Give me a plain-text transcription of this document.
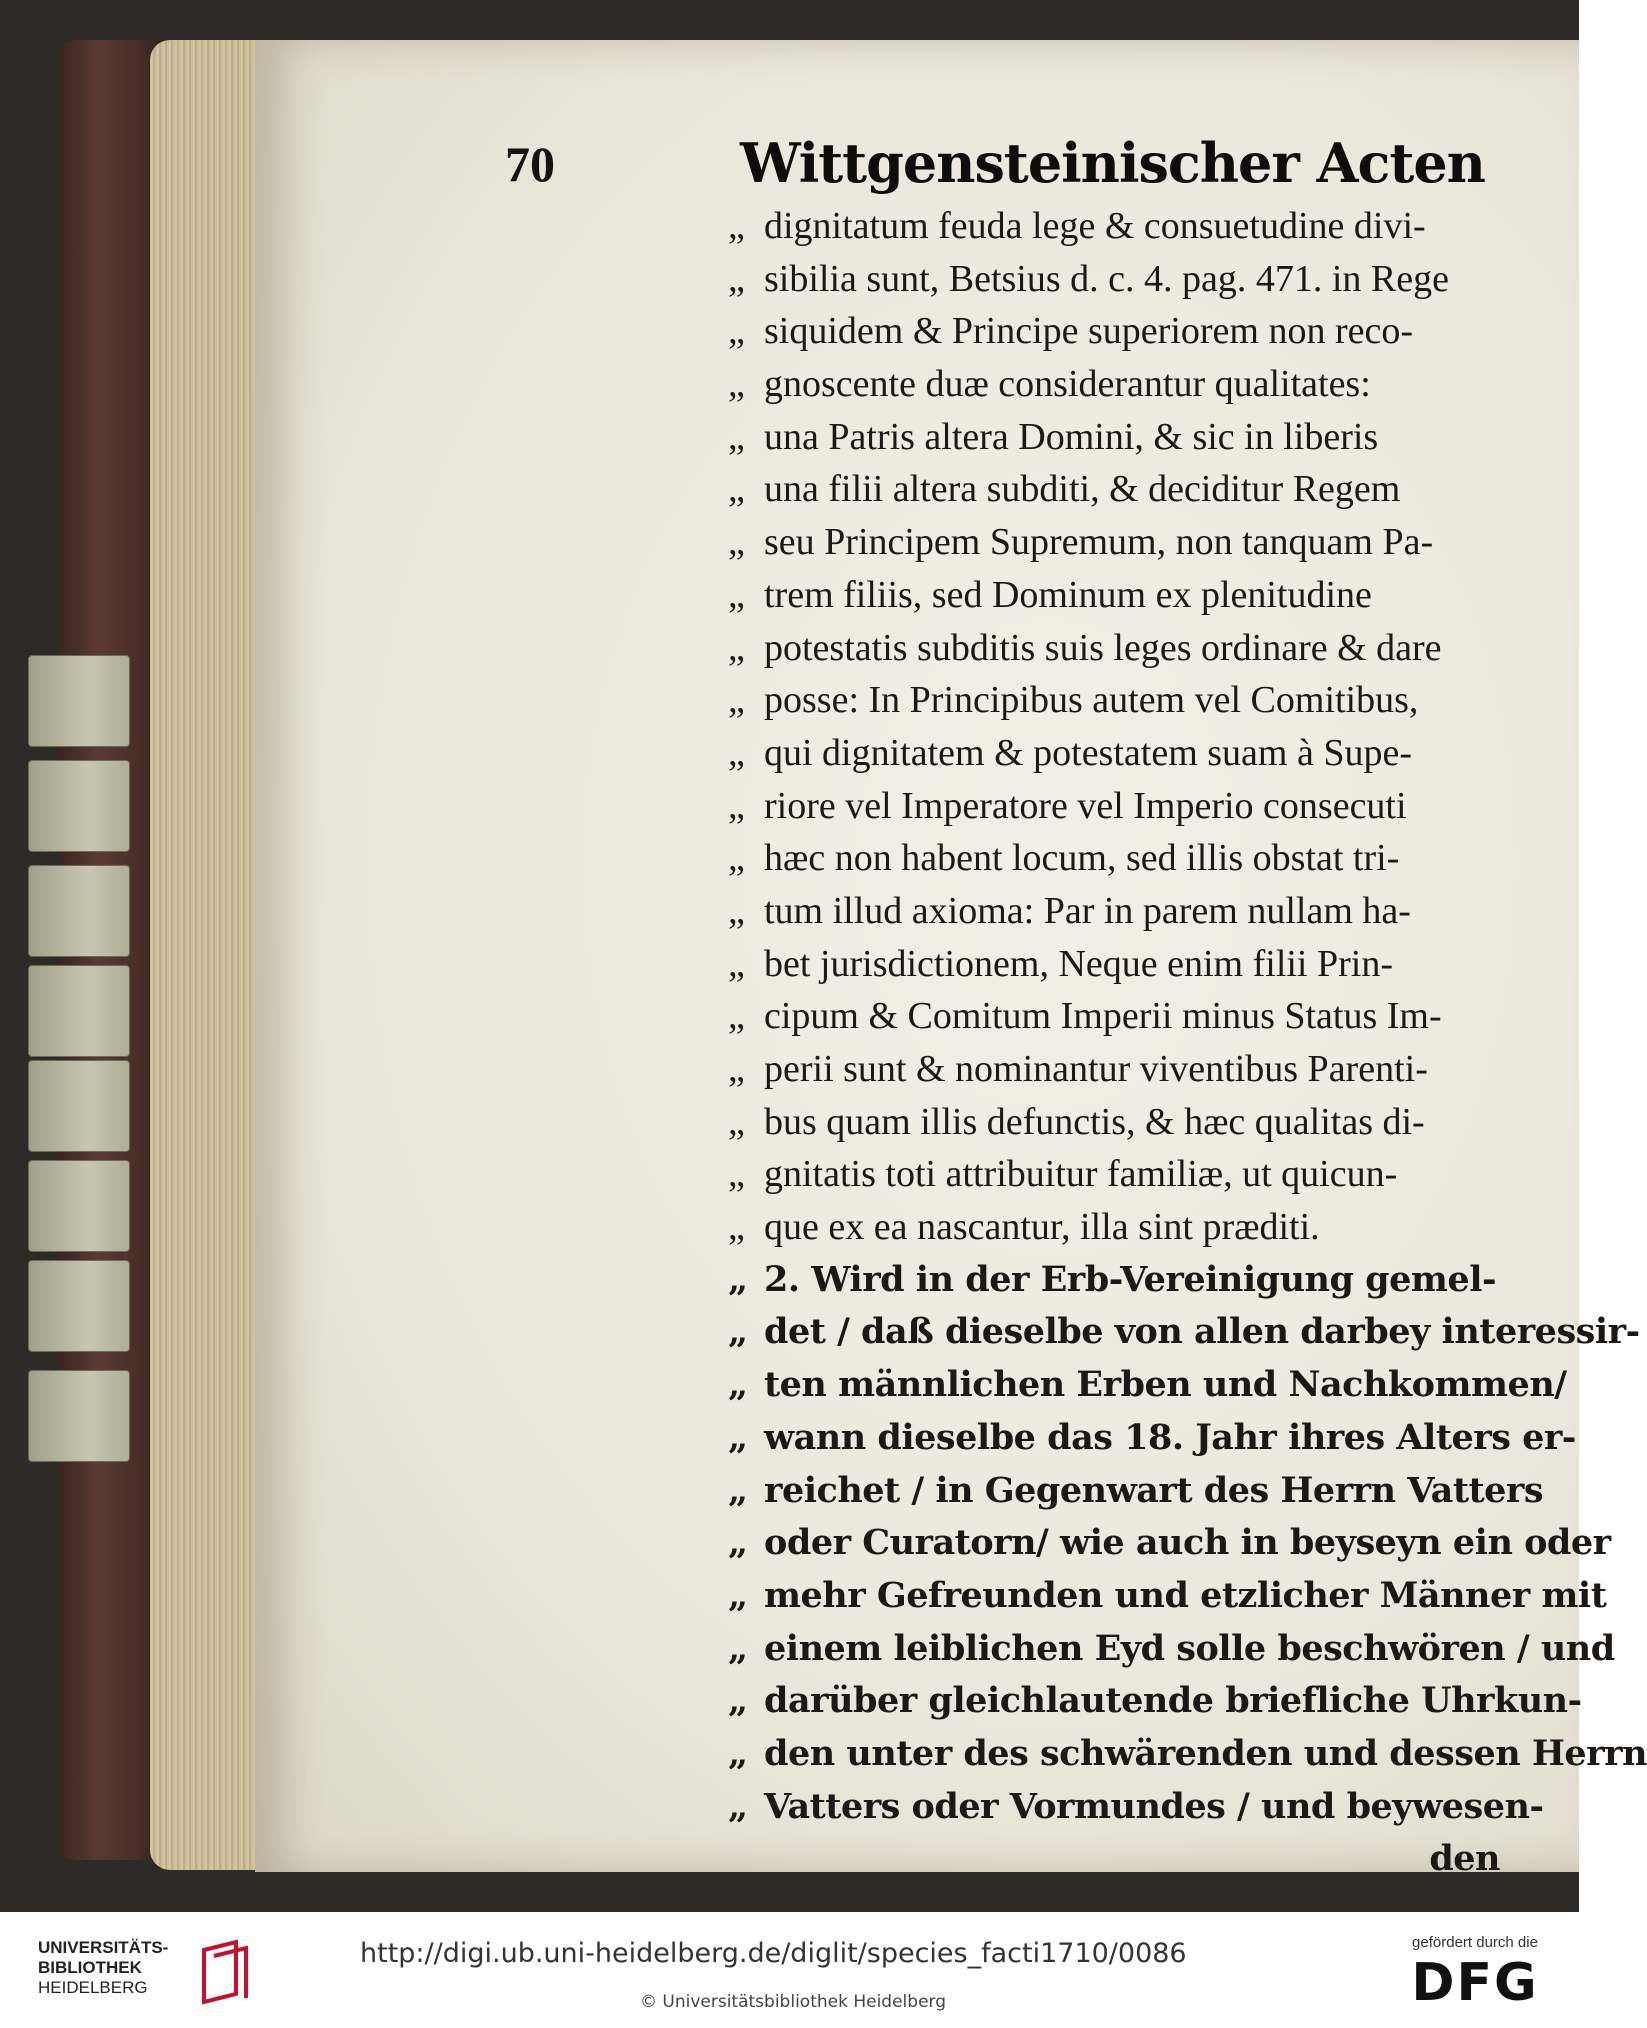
70	Wittgensteinischer Acten
„ dignitatum feuda lege & consuetudine divi-
„ sibilia sunt, Betsius d. c. 4. pag. 471. in Rege
„ siquidem & Principe superiorem non reco-
„ gnoscente duæ considerantur qualitates:
„ una Patris altera Domini, & sic in liberis
„ una filii altera subditi, & deciditur Regem
„ seu Principem Supremum, non tanquam Pa-
„ trem filiis, sed Dominum ex plenitudine
„ potestatis subditis suis leges ordinare & dare
„ posse: In Principibus autem vel Comitibus,
„ qui dignitatem & potestatem suam à Supe-
„ riore vel Imperatore vel Imperio consecuti
„ hæc non habent locum, sed illis obstat tri-
„ tum illud axioma: Par in parem nullam ha-
„ bet jurisdictionem, Neque enim filii Prin-
„ cipum & Comitum Imperii minus Status Im-
„ perii sunt & nominantur viventibus Parenti-
„ bus quam illis defunctis, & hæc qualitas di-
„ gnitatis toti attribuitur familiæ, ut quicun-
„ que ex ea nascantur, illa sint præditi.
„ 2. Wird in der Erb-Vereinigung gemel-
„ det / daß dieselbe von allen darbey interessir-
„ ten männlichen Erben und Nachkommen/
„ wann dieselbe das 18. Jahr ihres Alters er-
„ reichet / in Gegenwart des Herrn Vatters
„ oder Curatorn/ wie auch in beyseyn ein oder
„ mehr Gefreunden und etzlicher Männer mit
„ einem leiblichen Eyd solle beschwören / und
„ darüber gleichlautende briefliche Uhrkun-
„ den unter des schwärenden und dessen Herrn
„ Vatters oder Vormundes / und beywesen-
den
UNIVERSITÄTS-
BIBLIOTHEK
HEIDELBERG
http://digi.ub.uni-heidelberg.de/diglit/species_facti1710/0086
© Universitätsbibliothek Heidelberg
gefördert durch die
DFG
